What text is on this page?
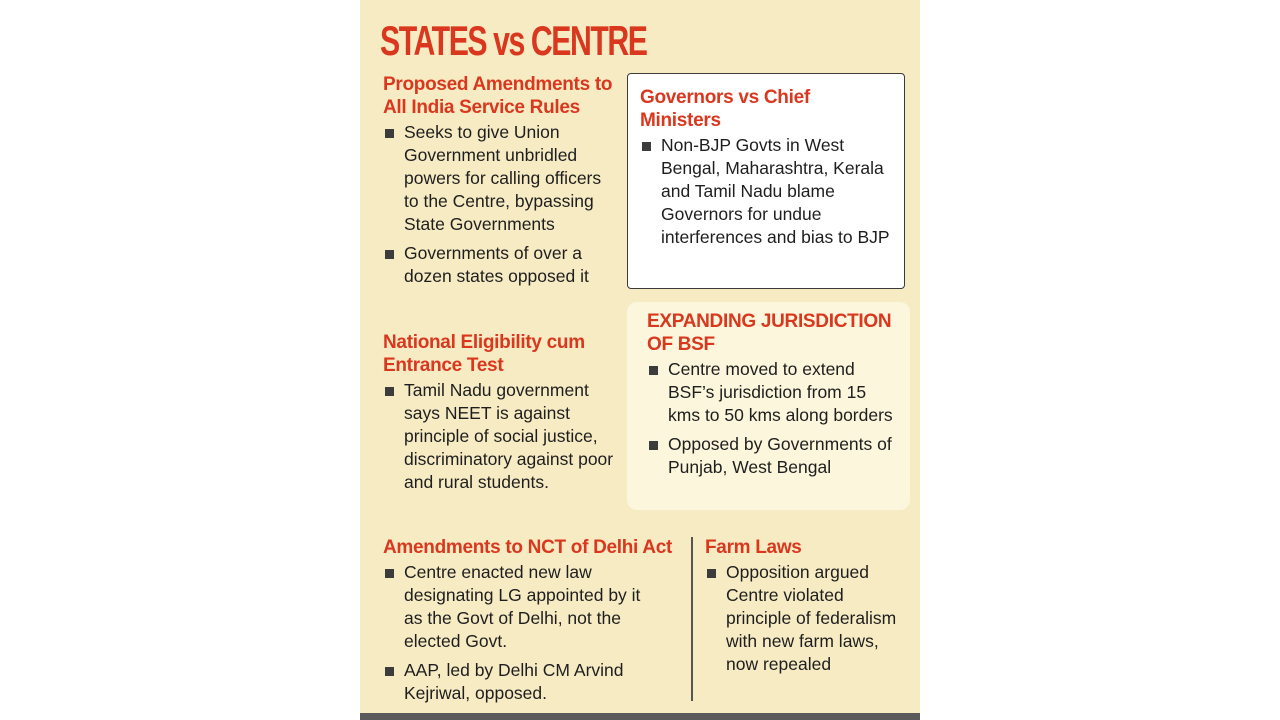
STATES vs CENTRE
Proposed Amendments to All India Service Rules
Seeks to give Union Government unbridled powers for calling officers to the Centre, bypassing State Governments
Governments of over a dozen states opposed it
Governors vs Chief Ministers
Non-BJP Govts in West Bengal, Maharashtra, Kerala and Tamil Nadu blame Governors for undue interferences and bias to BJP
National Eligibility cum Entrance Test
Tamil Nadu government says NEET is against principle of social justice, discriminatory against poor and rural students.
EXPANDING JURISDICTION OF BSF
Centre moved to extend BSF’s jurisdiction from 15 kms to 50 kms along borders
Opposed by Governments of Punjab, West Bengal
Amendments to NCT of Delhi Act
Centre enacted new law designating LG appointed by it as the Govt of Delhi, not the elected Govt.
AAP, led by Delhi CM Arvind Kejriwal, opposed.
Farm Laws
Opposition argued Centre violated principle of federalism with new farm laws, now repealed
